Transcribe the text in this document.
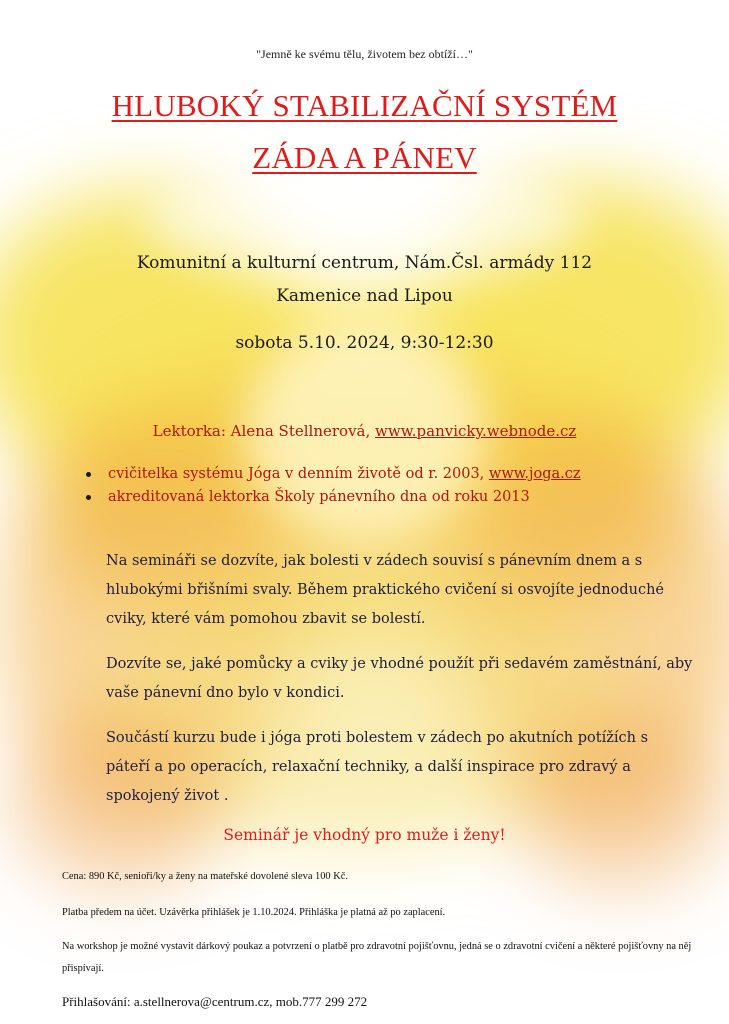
"Jemně ke svému tělu, životem bez obtíží…"
HLUBOKÝ STABILIZAČNÍ SYSTÉM
ZÁDA A PÁNEV
Komunitní a kulturní centrum, Nám.Čsl. armády 112
Kamenice nad Lipou
sobota 5.10. 2024, 9:30-12:30
Lektorka: Alena Stellnerová, www.panvicky.webnode.cz
cvičitelka systému Jóga v denním životě od r. 2003, www.joga.cz
akreditovaná lektorka Školy pánevního dna od roku 2013
Na semináři se dozvíte, jak bolesti v zádech souvisí s pánevním dnem a s hlubokými břišními svaly. Během praktického cvičení si osvojíte jednoduché cviky, které vám pomohou zbavit se bolestí.
Dozvíte se, jaké pomůcky a cviky je vhodné použít při sedavém zaměstnání, aby vaše pánevní dno bylo v kondici.
Součástí kurzu bude i jóga proti bolestem v zádech po akutních potížích s páteří a po operacích, relaxační techniky, a další inspirace pro zdravý a spokojený život .
Seminář je vhodný pro muže i ženy!
Cena: 890 Kč, senioři/ky a ženy na mateřské dovolené sleva 100 Kč.
Platba předem na účet. Uzávěrka přihlášek je 1.10.2024. Přihláška je platná až po zaplacení.
Na workshop je možné vystavit dárkový poukaz a potvrzení o platbě pro zdravotní pojišťovnu, jedná se o zdravotní cvičení a některé pojišťovny na něj přispívají.
Přihlašování: a.stellnerova@centrum.cz, mob.777 299 272
